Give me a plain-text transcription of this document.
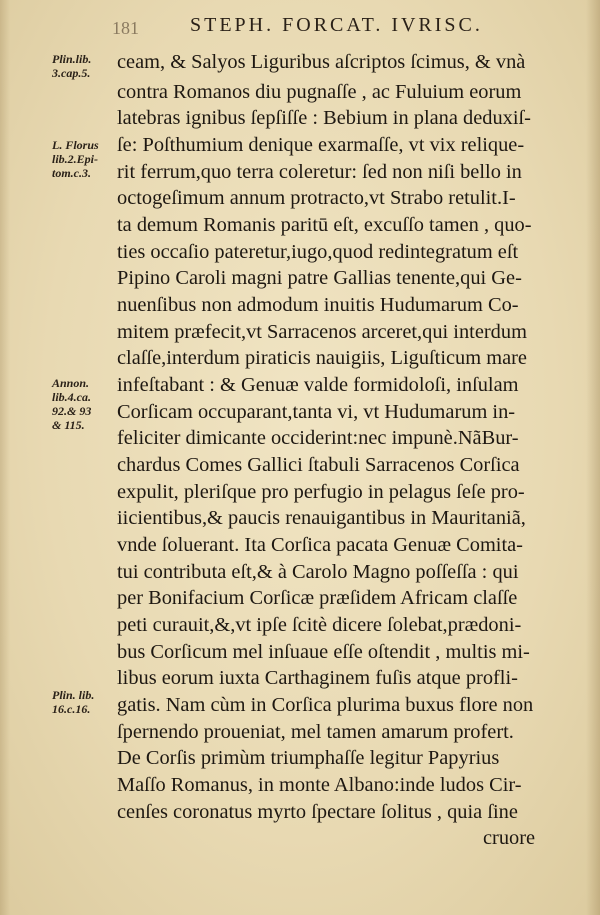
181	STEPH. FORCAT. IVRISC.
Plin.lib.
3.cap.5.
L. Florus
lib.2.Epi-
tom.c.3.
Annon.
lib.4.ca.
92.& 93
& 115.
Plin. lib.
16.c.16.
ceam, & Salyos Liguribus aſcriptos ſcimus, & vnà
contra Romanos diu pugnaſſe , ac Fuluium eorum
latebras ignibus ſepſiſſe : Bebium in plana deduxiſ-
ſe: Poſthumium denique exarmaſſe, vt vix relique-
rit ferrum,quo terra coleretur: ſed non niſi bello in
octogeſimum annum protracto,vt Strabo retulit.I-
ta demum Romanis paritū eſt, excuſſo tamen , quo-
ties occaſio pateretur,iugo,quod redintegratum eſt
Pipino Caroli magni patre Gallias tenente,qui Ge-
nuenſibus non admodum inuitis Hudumarum Co-
mitem præfecit,vt Sarracenos arceret,qui interdum
claſſe,interdum piraticis nauigiis, Liguſticum mare
infeſtabant : & Genuæ valde formidoloſi, inſulam
Corſicam occuparant,tanta vi, vt Hudumarum in-
feliciter dimicante occiderint:nec impunè.NãBur-
chardus Comes Gallici ſtabuli Sarracenos Corſica
expulit, pleriſque pro perfugio in pelagus ſeſe pro-
iicientibus,& paucis renauigantibus in Mauritaniã,
vnde ſoluerant. Ita Corſica pacata Genuæ Comita-
tui contributa eſt,& à Carolo Magno poſſeſſa : qui
per Bonifacium Corſicæ præſidem Africam claſſe
peti curauit,&,vt ipſe ſcitè dicere ſolebat,prædoni-
bus Corſicum mel inſuaue eſſe oſtendit , multis mi-
libus eorum iuxta Carthaginem fuſis atque profli-
gatis. Nam cùm in Corſica plurima buxus flore non
ſpernendo proueniat, mel tamen amarum profert.
De Corſis primùm triumphaſſe legitur Papyrius
Maſſo Romanus, in monte Albano:inde ludos Cir-
cenſes coronatus myrto ſpectare ſolitus , quia ſine
cruore
